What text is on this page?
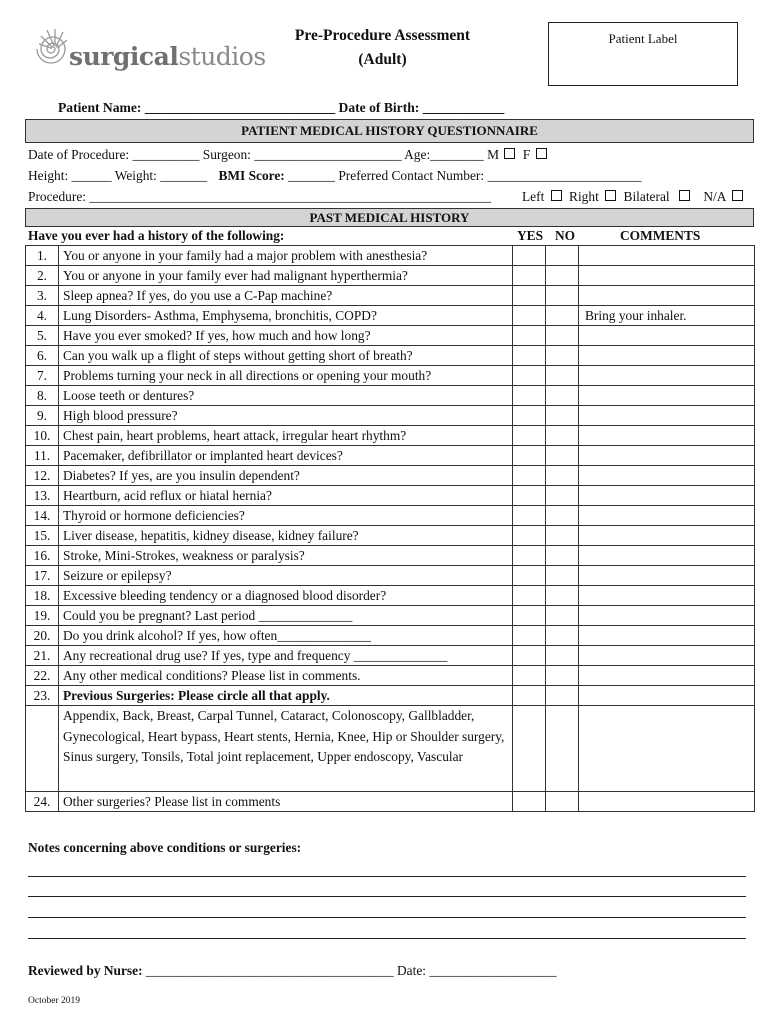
surgicalstudios
Pre-Procedure Assessment
(Adult)
Patient Label
Patient Name: ____________________________ Date of Birth: ____________
PATIENT MEDICAL HISTORY QUESTIONNAIRE
Date of Procedure: __________ Surgeon: ______________________ Age:________ M F
Height: ______ Weight: _______ BMI Score: _______ Preferred Contact Number: _______________________
Procedure: ____________________________________________________________ Left Right Bilateral	N/A
PAST MEDICAL HISTORY
Have you ever had a history of the following:	YES NO	COMMENTS
1.	You or anyone in your family had a major problem with anesthesia?			
2.	You or anyone in your family ever had malignant hyperthermia?			
3.	Sleep apnea? If yes, do you use a C-Pap machine?			
4.	Lung Disorders- Asthma, Emphysema, bronchitis, COPD?			Bring your inhaler.
5.	Have you ever smoked? If yes, how much and how long?			
6.	Can you walk up a flight of steps without getting short of breath?			
7.	Problems turning your neck in all directions or opening your mouth?			
8.	Loose teeth or dentures?			
9.	High blood pressure?			
10.	Chest pain, heart problems, heart attack, irregular heart rhythm?			
11.	Pacemaker, defibrillator or implanted heart devices?			
12.	Diabetes? If yes, are you insulin dependent?			
13.	Heartburn, acid reflux or hiatal hernia?			
14.	Thyroid or hormone deficiencies?			
15.	Liver disease, hepatitis, kidney disease, kidney failure?			
16.	Stroke, Mini-Strokes, weakness or paralysis?			
17.	Seizure or epilepsy?			
18.	Excessive bleeding tendency or a diagnosed blood disorder?			
19.	Could you be pregnant? Last period ______________			
20.	Do you drink alcohol? If yes, how often______________			
21.	Any recreational drug use? If yes, type and frequency ______________			
22.	Any other medical conditions? Please list in comments.			
23.	Previous Surgeries: Please circle all that apply.			
	Appendix, Back, Breast, Carpal Tunnel, Cataract, Colonoscopy, Gallbladder, Gynecological, Heart bypass, Heart stents, Hernia, Knee, Hip or Shoulder surgery, Sinus surgery, Tonsils, Total joint replacement, Upper endoscopy, Vascular			
24.	Other surgeries? Please list in comments			
Notes concerning above conditions or surgeries:
Reviewed by Nurse: _____________________________________ Date: ___________________
October 2019
